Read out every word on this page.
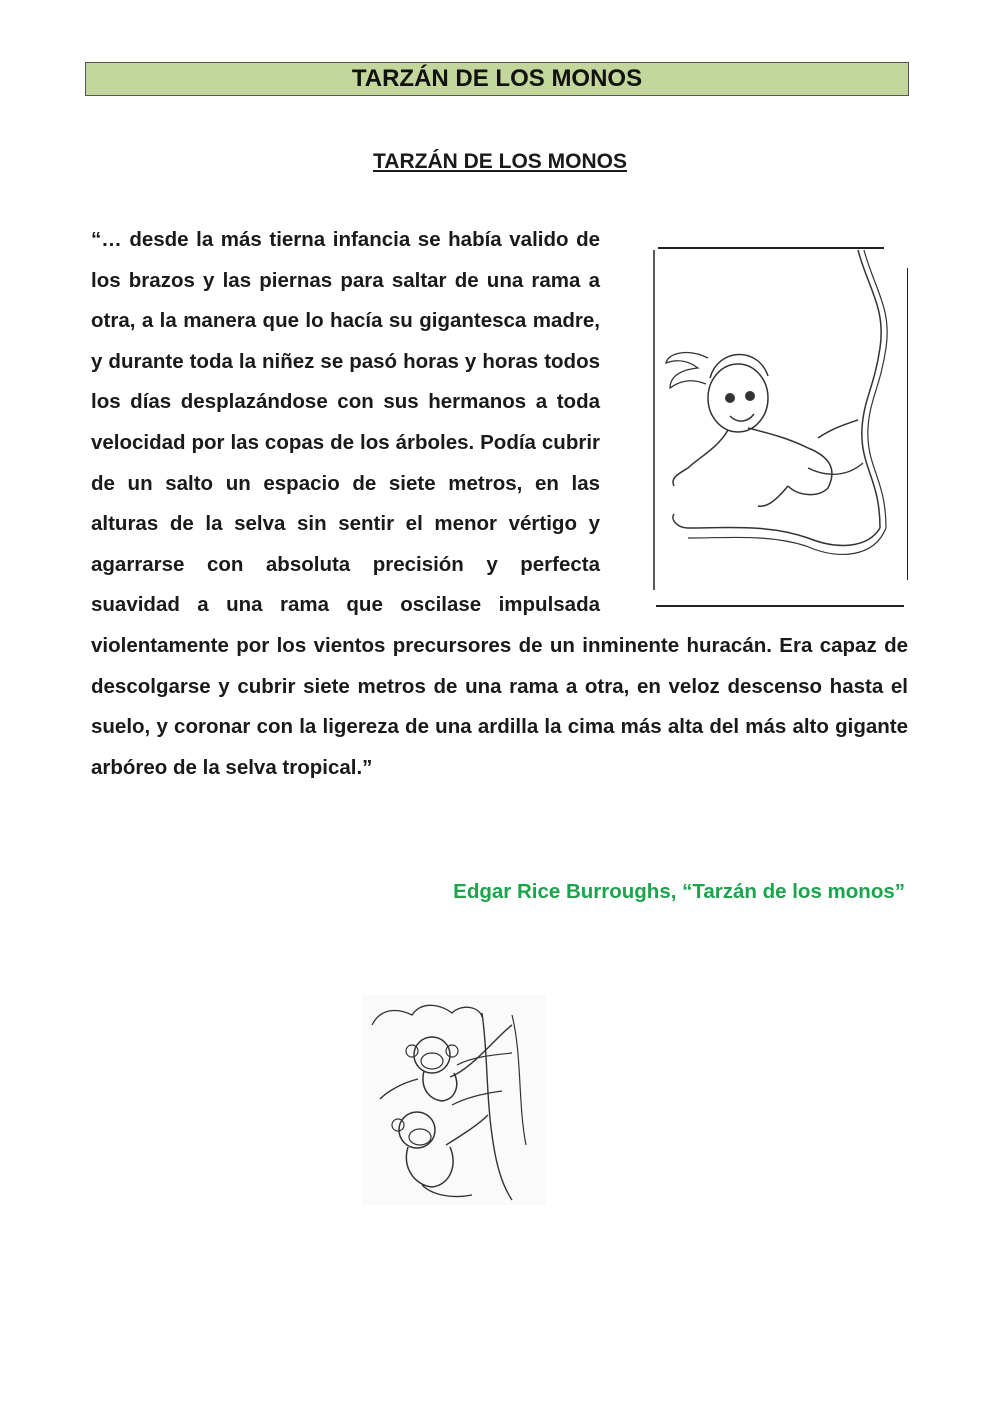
TARZÁN DE LOS MONOS
TARZÁN DE LOS MONOS
“… desde la más tierna infancia se había valido de los brazos y las piernas para saltar de una rama a otra, a la manera que lo hacía su gigantesca madre, y durante toda la niñez se pasó horas y horas todos los días desplazándose con sus hermanos a toda velocidad por las copas de los árboles. Podía cubrir de un salto un espacio de siete metros, en las alturas de la selva sin sentir el menor vértigo y agarrarse con absoluta precisión y perfecta suavidad a una rama que oscilase impulsada violentamente por los vientos precursores de un inminente huracán. Era capaz de descolgarse y cubrir siete metros de una rama a otra, en veloz descenso hasta el suelo, y coronar con la ligereza de una ardilla la cima más alta del más alto gigante arbóreo de la selva tropical.”
Edgar Rice Burroughs, “Tarzán de los monos”
